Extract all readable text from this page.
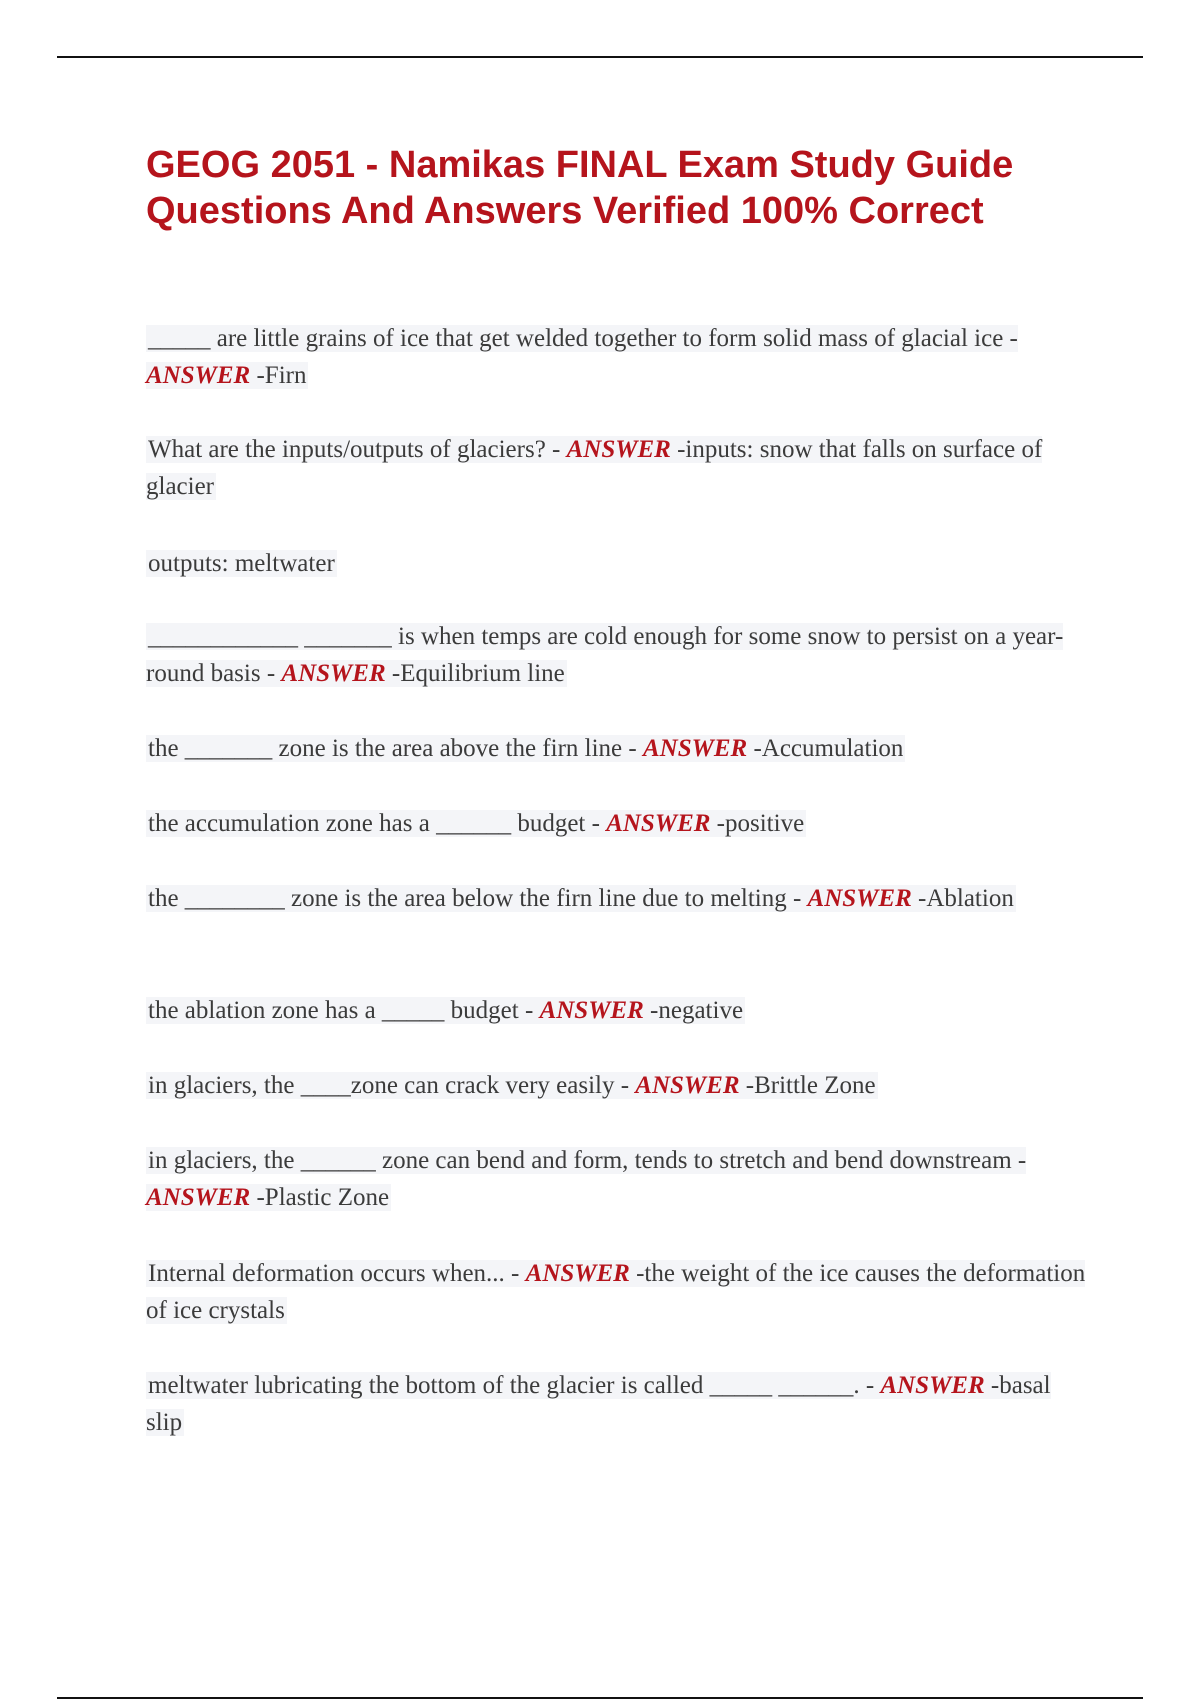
GEOG 2051 - Namikas FINAL Exam Study Guide Questions And Answers Verified 100% Correct

_____ are little grains of ice that get welded together to form solid mass of glacial ice - ANSWER -Firn

What are the inputs/outputs of glaciers? - ANSWER -inputs: snow that falls on surface of glacier

outputs: meltwater

____________ _______ is when temps are cold enough for some snow to persist on a year-round basis - ANSWER -Equilibrium line

the _______ zone is the area above the firn line - ANSWER -Accumulation

the accumulation zone has a ______ budget - ANSWER -positive

the ________ zone is the area below the firn line due to melting - ANSWER -Ablation

the ablation zone has a _____ budget - ANSWER -negative

in glaciers, the ____zone can crack very easily - ANSWER -Brittle Zone

in glaciers, the ______ zone can bend and form, tends to stretch and bend downstream - ANSWER -Plastic Zone

Internal deformation occurs when... - ANSWER -the weight of the ice causes the deformation of ice crystals

meltwater lubricating the bottom of the glacier is called _____ ______. - ANSWER -basal slip
